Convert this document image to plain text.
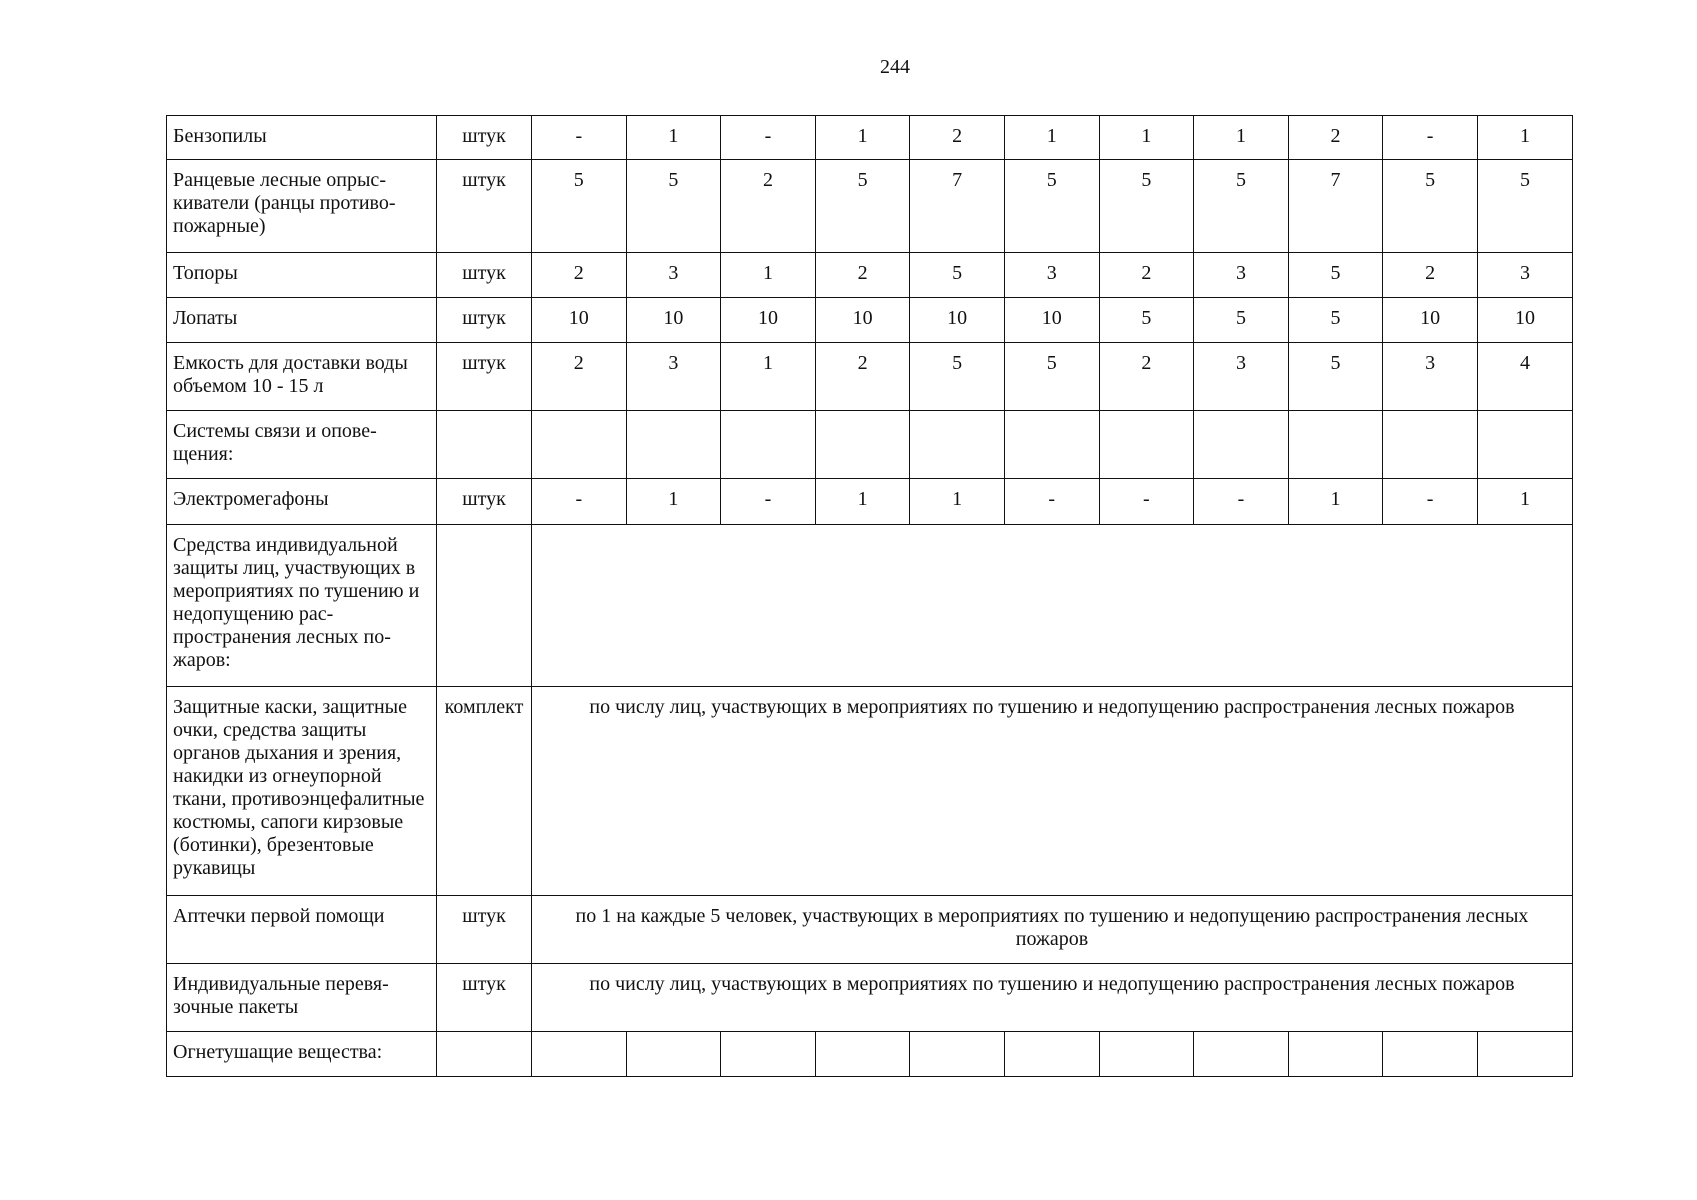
244
Бензопилы	штук	-	1	-	1	2	1	1	1	2	-	1
Ранцевые лесные опрыскиватели (ранцы противопожарные)	штук	5	5	2	5	7	5	5	5	7	5	5
Топоры	штук	2	3	1	2	5	3	2	3	5	2	3
Лопаты	штук	10	10	10	10	10	10	5	5	5	10	10
Емкость для доставки воды объемом 10 - 15 л	штук	2	3	1	2	5	5	2	3	5	3	4
Системы связи и оповещения:												
Электромегафоны	штук	-	1	-	1	1	-	-	-	1	-	1
Средства индивидуальной защиты лиц, участвующих в мероприятиях по тушению и недопущению распространения лесных пожаров:												
Защитные каски, защитные очки, средства защиты органов дыхания и зрения, накидки из огнеупорной ткани, противоэнцефалитные костюмы, сапоги кирзовые (ботинки), брезентовые рукавицы	комплект	по числу лиц, участвующих в мероприятиях по тушению и недопущению распространения лесных пожаров										
Аптечки первой помощи	штук	по 1 на каждые 5 человек, участвующих в мероприятиях по тушению и недопущению распространения лесных пожаров										
Индивидуальные перевязочные пакеты	штук	по числу лиц, участвующих в мероприятиях по тушению и недопущению распространения лесных пожаров										
Огнетушащие вещества:												
